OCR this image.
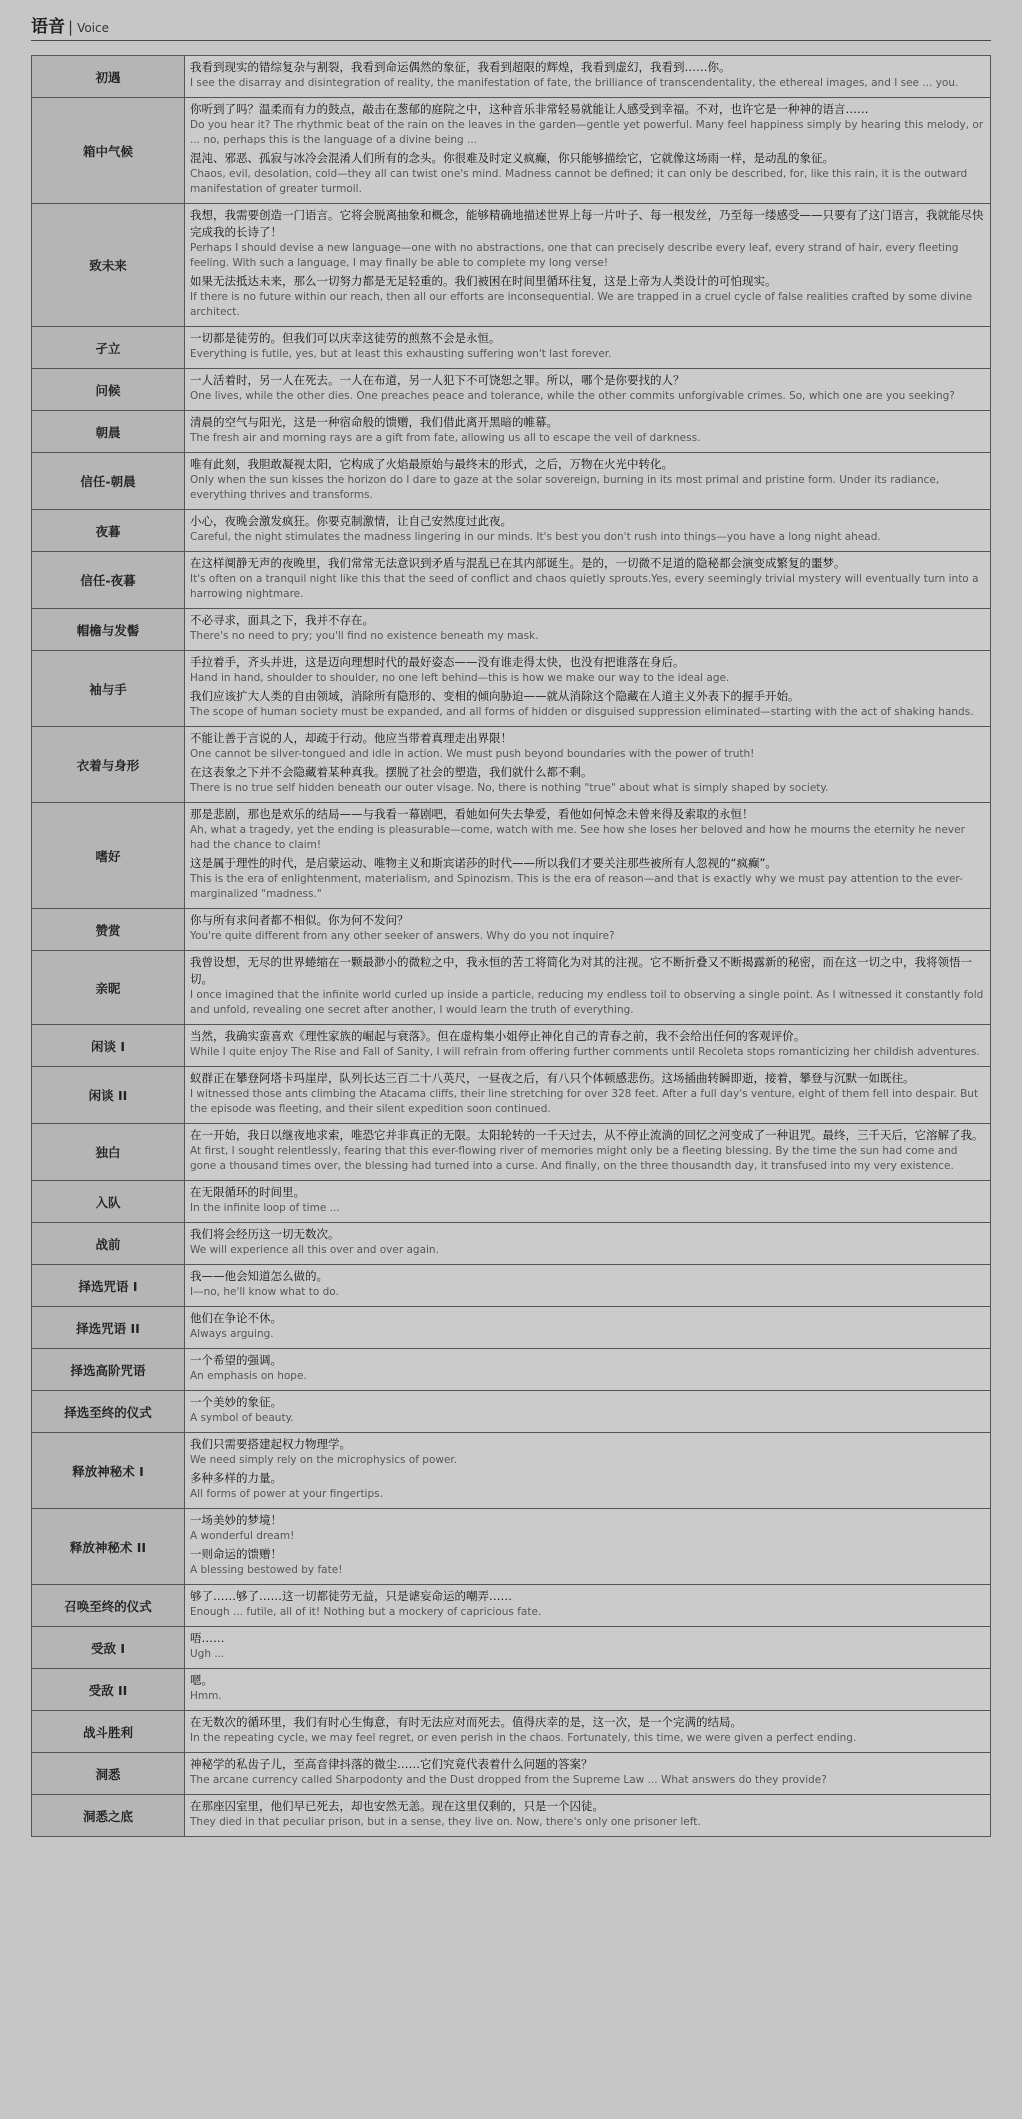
语音 | Voice
初遇	我看到现实的错综复杂与割裂，我看到命运偶然的象征，我看到超限的辉煌，我看到虚幻，我看到……你。
I see the disarray and disintegration of reality, the manifestation of fate, the brilliance of transcendentality, the ethereal images, and I see ... you.

箱中气候	你听到了吗？温柔而有力的鼓点，敲击在葱郁的庭院之中，这种音乐非常轻易就能让人感受到幸福。不对，也许它是一种神的语言……
Do you hear it? The rhythmic beat of the rain on the leaves in the garden—gentle yet powerful. Many feel happiness simply by hearing this melody, or ... no, perhaps this is the language of a divine being ...
混沌、邪恶、孤寂与冰冷会混淆人们所有的念头。你很难及时定义疯癫，你只能够描绘它，它就像这场雨一样，是动乱的象征。
Chaos, evil, desolation, cold—they all can twist one's mind. Madness cannot be defined; it can only be described, for, like this rain, it is the outward manifestation of greater turmoil.

致未来	我想，我需要创造一门语言。它将会脱离抽象和概念，能够精确地描述世界上每一片叶子、每一根发丝，乃至每一缕感受——只要有了这门语言，我就能尽快完成我的长诗了！
Perhaps I should devise a new language—one with no abstractions, one that can precisely describe every leaf, every strand of hair, every fleeting feeling. With such a language, I may finally be able to complete my long verse!
如果无法抵达未来，那么一切努力都是无足轻重的。我们被困在时间里循环往复，这是上帝为人类设计的可怕现实。
If there is no future within our reach, then all our efforts are inconsequential. We are trapped in a cruel cycle of false realities crafted by some divine architect.

孑立	一切都是徒劳的。但我们可以庆幸这徒劳的煎熬不会是永恒。
Everything is futile, yes, but at least this exhausting suffering won't last forever.

问候	一人活着时，另一人在死去。一人在布道，另一人犯下不可饶恕之罪。所以，哪个是你要找的人？
One lives, while the other dies. One preaches peace and tolerance, while the other commits unforgivable crimes. So, which one are you seeking?

朝晨	清晨的空气与阳光，这是一种宿命般的馈赠，我们借此离开黑暗的帷幕。
The fresh air and morning rays are a gift from fate, allowing us all to escape the veil of darkness.

信任-朝晨	唯有此刻，我胆敢凝视太阳，它构成了火焰最原始与最终末的形式，之后，万物在火光中转化。
Only when the sun kisses the horizon do I dare to gaze at the solar sovereign, burning in its most primal and pristine form. Under its radiance, everything thrives and transforms.

夜暮	小心，夜晚会激发疯狂。你要克制激情，让自己安然度过此夜。
Careful, the night stimulates the madness lingering in our minds. It's best you don't rush into things—you have a long night ahead.

信任-夜暮	在这样阒静无声的夜晚里，我们常常无法意识到矛盾与混乱已在其内部诞生。是的，一切微不足道的隐秘都会演变成繁复的噩梦。
It's often on a tranquil night like this that the seed of conflict and chaos quietly sprouts.Yes, every seemingly trivial mystery will eventually turn into a harrowing nightmare.

帽檐与发髻	不必寻求，面具之下，我并不存在。
There's no need to pry; you'll find no existence beneath my mask.

袖与手	手拉着手，齐头并进，这是迈向理想时代的最好姿态——没有谁走得太快，也没有把谁落在身后。
Hand in hand, shoulder to shoulder, no one left behind—this is how we make our way to the ideal age.
我们应该扩大人类的自由领域，消除所有隐形的、变相的倾向胁迫——就从消除这个隐藏在人道主义外表下的握手开始。
The scope of human society must be expanded, and all forms of hidden or disguised suppression eliminated—starting with the act of shaking hands.

衣着与身形	不能让善于言说的人，却疏于行动。他应当带着真理走出界限！
One cannot be silver-tongued and idle in action. We must push beyond boundaries with the power of truth!
在这表象之下并不会隐藏着某种真我。摆脱了社会的塑造，我们就什么都不剩。
There is no true self hidden beneath our outer visage. No, there is nothing "true" about what is simply shaped by society.

嗜好	那是悲剧，那也是欢乐的结局——与我看一幕剧吧，看她如何失去挚爱，看他如何悼念未曾来得及索取的永恒！
Ah, what a tragedy, yet the ending is pleasurable—come, watch with me. See how she loses her beloved and how he mourns the eternity he never had the chance to claim!
这是属于理性的时代，是启蒙运动、唯物主义和斯宾诺莎的时代——所以我们才要关注那些被所有人忽视的“疯癫”。
This is the era of enlightenment, materialism, and Spinozism. This is the era of reason—and that is exactly why we must pay attention to the ever-marginalized "madness."

赞赏	你与所有求问者都不相似。你为何不发问？
You're quite different from any other seeker of answers. Why do you not inquire?

亲昵	我曾设想，无尽的世界蜷缩在一颗最渺小的微粒之中，我永恒的苦工将简化为对其的注视。它不断折叠又不断揭露新的秘密，而在这一切之中，我将领悟一切。
I once imagined that the infinite world curled up inside a particle, reducing my endless toil to observing a single point. As I witnessed it constantly fold and unfold, revealing one secret after another, I would learn the truth of everything.

闲谈 I	当然，我确实蛮喜欢《理性家族的崛起与衰落》。但在虚构集小姐停止神化自己的青春之前，我不会给出任何的客观评价。
While I quite enjoy The Rise and Fall of Sanity, I will refrain from offering further comments until Recoleta stops romanticizing her childish adventures.

闲谈 II	蚁群正在攀登阿塔卡玛崖岸，队列长达三百二十八英尺，一昼夜之后，有八只个体顿感悲伤。这场插曲转瞬即逝，接着，攀登与沉默一如既往。
I witnessed those ants climbing the Atacama cliffs, their line stretching for over 328 feet. After a full day's venture, eight of them fell into despair. But the episode was fleeting, and their silent expedition soon continued.

独白	在一开始，我日以继夜地求索，唯恐它并非真正的无限。太阳轮转的一千天过去，从不停止流淌的回忆之河变成了一种诅咒。最终，三千天后，它溶解了我。
At first, I sought relentlessly, fearing that this ever-flowing river of memories might only be a fleeting blessing. By the time the sun had come and gone a thousand times over, the blessing had turned into a curse. And finally, on the three thousandth day, it transfused into my very existence.

入队	在无限循环的时间里。
In the infinite loop of time ...

战前	我们将会经历这一切无数次。
We will experience all this over and over again.

择选咒语 I	我——他会知道怎么做的。
I—no, he'll know what to do.

择选咒语 II	他们在争论不休。
Always arguing.

择选高阶咒语	一个希望的强调。
An emphasis on hope.

择选至终的仪式	一个美妙的象征。
A symbol of beauty.

释放神秘术 I	我们只需要搭建起权力物理学。
We need simply rely on the microphysics of power.
多种多样的力量。
All forms of power at your fingertips.

释放神秘术 II	一场美妙的梦境！
A wonderful dream!
一则命运的馈赠！
A blessing bestowed by fate!

召唤至终的仪式	够了……够了……这一切都徒劳无益，只是谑妄命运的嘲弄……
Enough ... futile, all of it! Nothing but a mockery of capricious fate.

受敌 I	唔……
Ugh ...

受敌 II	嗯。
Hmm.

战斗胜利	在无数次的循环里，我们有时心生悔意，有时无法应对而死去。值得庆幸的是，这一次，是一个完满的结局。
In the repeating cycle, we may feel regret, or even perish in the chaos. Fortunately, this time, we were given a perfect ending.

洞悉	神秘学的私齿子儿，至高音律抖落的微尘……它们究竟代表着什么问题的答案？
The arcane currency called Sharpodonty and the Dust dropped from the Supreme Law ... What answers do they provide?

洞悉之底	在那座囚室里，他们早已死去，却也安然无恙。现在这里仅剩的，只是一个囚徒。
They died in that peculiar prison, but in a sense, they live on. Now, there's only one prisoner left.
